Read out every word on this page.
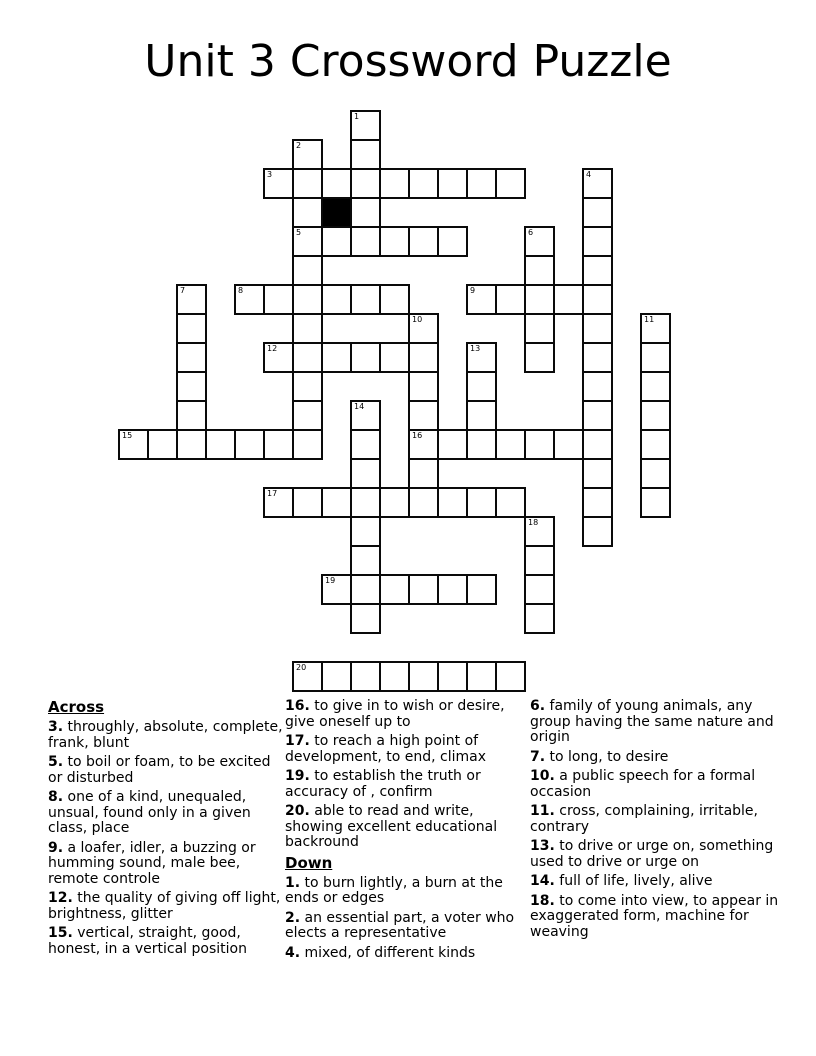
Unit 3 Crossword Puzzle
1
2
5
3	4
6
7	8	9
10
16
11
12	13
14
15
17
18
19
20

Across

3. throughly, absolute, complete, frank, blunt

5. to boil or foam, to be excited or disturbed

8. one of a kind, unequaled, unsual, found only in a given class, place

9. a loafer, idler, a buzzing or humming sound, male bee, remote controle

12. the quality of giving off light, brightness, glitter

15. vertical, straight, good, honest, in a vertical position

16. to give in to wish or desire, give oneself up to

17. to reach a high point of development, to end, climax

19. to establish the truth or accuracy of , confirm

20. able to read and write, showing excellent educational backround

Down

1. to burn lightly, a burn at the ends or edges

2. an essential part, a voter who elects a representative

4. mixed, of different kinds

6. family of young animals, any group having the same nature and origin

7. to long, to desire

10. a public speech for a formal occasion

11. cross, complaining, irritable, contrary

13. to drive or urge on, something used to drive or urge on

14. full of life, lively, alive

18. to come into view, to appear in exaggerated form, machine for weaving
